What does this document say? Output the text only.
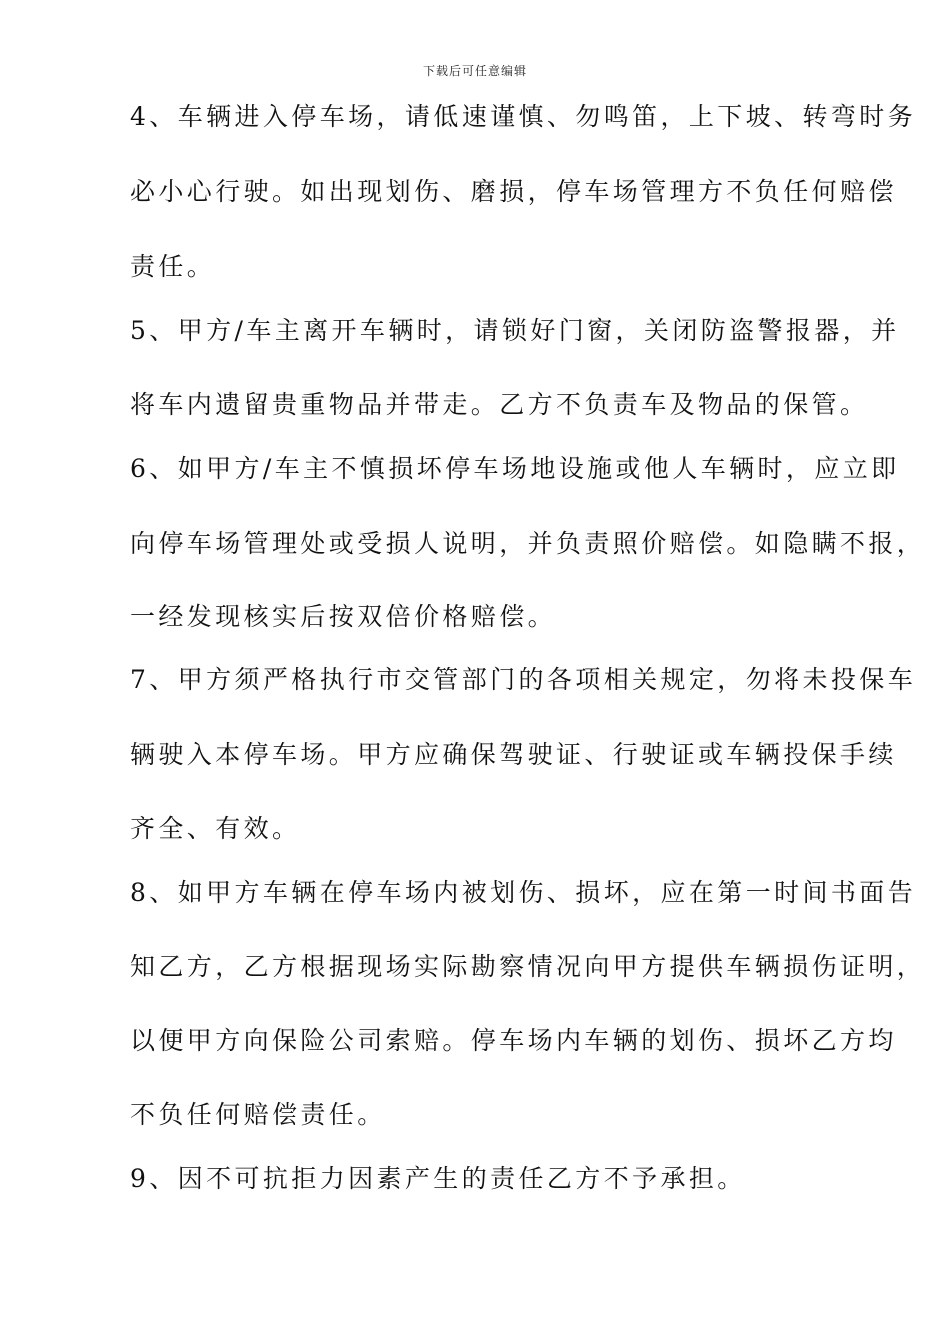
下载后可任意编辑
4、车辆进入停车场，请低速谨慎、勿鸣笛，上下坡、转弯时务
必小心行驶。如出现划伤、磨损，停车场管理方不负任何赔偿
责任。
5、甲方/车主离开车辆时，请锁好门窗，关闭防盗警报器，并
将车内遗留贵重物品并带走。乙方不负责车及物品的保管。
6、如甲方/车主不慎损坏停车场地设施或他人车辆时，应立即
向停车场管理处或受损人说明，并负责照价赔偿。如隐瞒不报，
一经发现核实后按双倍价格赔偿。
7、甲方须严格执行市交管部门的各项相关规定，勿将未投保车
辆驶入本停车场。甲方应确保驾驶证、行驶证或车辆投保手续
齐全、有效。
8、如甲方车辆在停车场内被划伤、损坏，应在第一时间书面告
知乙方，乙方根据现场实际勘察情况向甲方提供车辆损伤证明，
以便甲方向保险公司索赔。停车场内车辆的划伤、损坏乙方均
不负任何赔偿责任。
9、因不可抗拒力因素产生的责任乙方不予承担。
